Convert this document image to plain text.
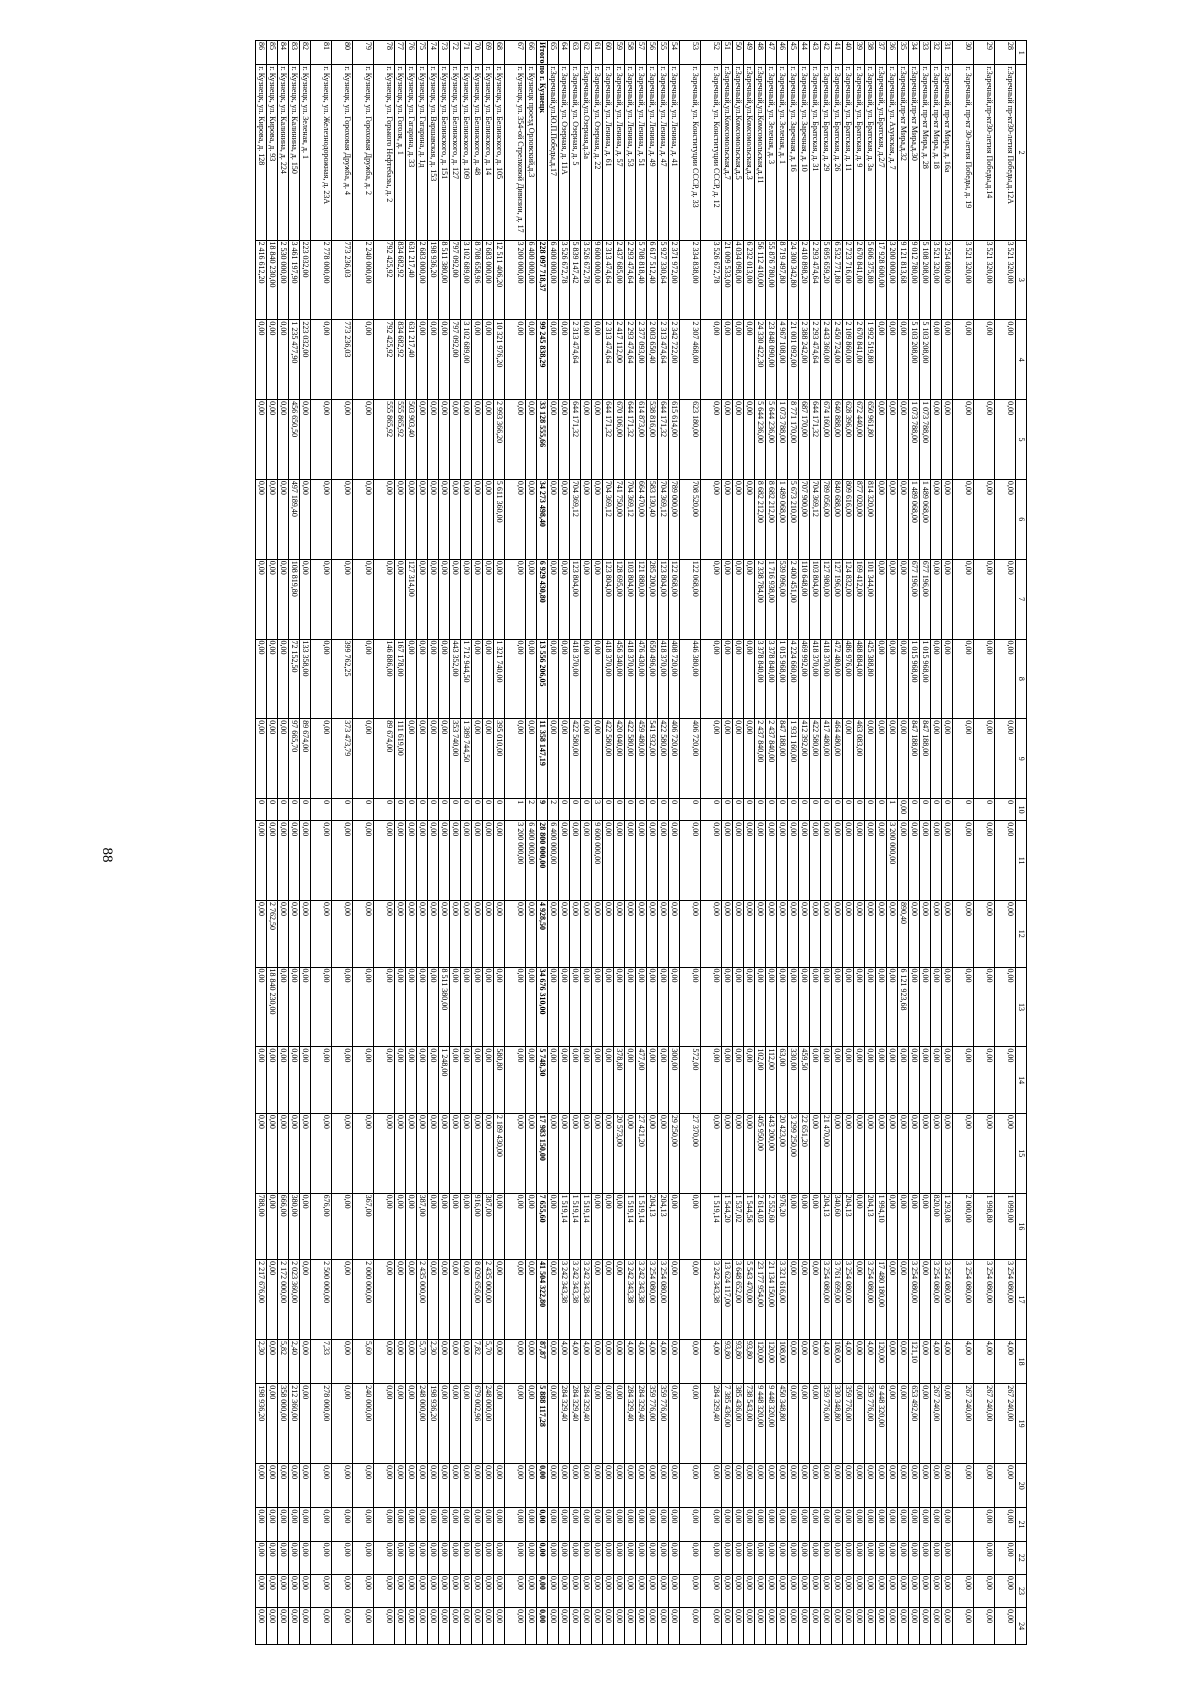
88
1	2	3	4	5	6	7	8	9	10	11	12	13	14	15	16	17	18	19	20	21	22	23	24
28	г.Заречный пр-кт30-летия Победы,д.12А	3 521 320,00	0,00	0,00	0,00	0,00	0,00	0,00	0	0,00	0,00	0,00	0,00	0,00	1 099,00	3 254 080,00	4,00	267 240,00	0,00	0,00	0,00	0,00	0,00
29	г.Заречный,пр-кт30-летия Победы,д.14	3 521 320,00	0,00	0,00	0,00	0,00	0,00	0,00	0	0,00	0,00	0,00	0,00	0,00	1 998,80	3 254 080,00	4,00	267 240,00	0,00	0,00	0,00	0,00	0,00
30	г. Заречный, пр-кт 30-летия Победы, д. 19	3 521 320,00	0,00	0,00	0,00	0,00	0,00	0,00	0	0,00	0,00	0,00	0,00	0,00	2 000,00	3 254 080,00	4,00	267 240,00	0,00			0,00	0,00
31	г. Заречный, пр-кт Мира, д. 16а	3 254 080,00	0,00	0,00	0,00	0,00	0,00	0,00	0	0,00	0,00	0,00	0,00	0,00	1 293,08	3 254 080,00	4,00	0,00	0,00	0,00	0,00	0,00	0,00
32	г. Заречный, пр-кт Мира, д. 18	3 521 320,00	0,00	0,00	0,00	0,00	0,00	0,00	0	0,00	0,00	0,00	0,00	0,00	820,00	3 254 080,00	4,00	267 240,00	0,00	0,00	0,00	0,00	0,00
33	г. Заречный, пр-кт Мира, д. 28	5 108 208,00	5 103 208,00	1 073 788,00	1 489 068,00	677 196,00	1 015 968,00	847 188,00	0	0,00	0,00	0,00	0,00	0,00	0,00	0,00	0,00	0,00	0,00	0,00	0,00	0,00	0,00
34	г.Заречный,пр-кт Мира,д.30	9 012 780,00	5 103 208,00	1 073 788,00	1 489 068,00	677 196,00	1 015 968,00	847 188,00	0	0,00	0,00	0,00	0,00	0,00	0,00	3 254 080,00	121,10	653 492,00	0,00	0,00	0,00	0,00	0,00
35	г.Заречный,пр-кт Мира,д.32	9 121 813,68	0,00	0,00	0,00	0,00	0,00	0,00	0,00	0,00	890,40	6 121 923,68	0,00	0,00	0,00	0,00	0,00	0,00	0,00	0,00	0,00	0,00	0,00
36	г. Заречный, ул. Ахунская, д. 7	3 200 000,00	0,00	0,00	0,00	0,00	0,00	0,00	1	3 200 000,00	0,00	0,00	0,00	0,00	0,00	0,00	0,00	0,00	0,00	0,00	0,00	0,00	0,00
37	г.Заречный, ул.Братская, д.2/7	17 928 600,00	0,00	0,00	0,00	0,00	0,00	0,00	0	0,00	0,00	0,00	0,00	0,00	1 994,10	17 480 180,00	120,00	9 448 320,00	0,00	0,00	0,00	0,00	0,00
38	г. Заречный, ул. Братская, д. 3а	5 606 375,80	1 992 519,80	650 961,80	814 320,00	101 344,00	425 388,80	0,00	0	0,00	0,00	0,00	0,00	0,00	204,13	3 254 080,00	4,00	359 776,00	0,00	0,00	0,00	0,00	0,00
39	г. Заречный, ул. Братская, д. 9	2 670 841,00	2 670 841,00	672 440,00	877 020,00	169 412,00	488 884,00	463 083,00	0	0,00	0,00	0,00	0,00	0,00	0,00	0,00	0,00	0,00	0,00	0,00	0,00	0,00	0,00
40	г. Заречный, ул. Братская, д. 11	2 723 716,00	2 109 860,00	628 396,00	809 616,00	124 832,00	486 976,00	0,00	0	0,00	0,00	0,00	0,00	0,00	204,13	3 254 080,00	4,00	359 776,00	0,00	0,00	0,00	0,00	0,00
41	г. Заречный, ул. Братская, д. 26	6 532 771,80	2 450 724,00	640 888,00	840 688,00	127 196,00	472 480,00	464 480,00	0	0,00	0,00	0,00	0,00	0,00	340,60	3 761 699,00	108,00	330 348,80	0,00	0,00	0,00	0,00	0,00
42	г. Заречный, ул. Братская, д. 29	5 695 659,20	2 443 360,00	674 160,00	789 056,00	127 980,00	418 370,00	417 480,00	0	0,00	0,00	0,00	0,00	21 470,00	204,13	3 254 080,00	4,00	359 776,00	0,00	0,00	0,00	0,00	0,00
43	г. Заречный, ул. Братская, д. 31	2 293 474,64	2 293 474,64	644 171,32	704 369,12	103 804,00	418 370,00	422 580,00	0	0,00	0,00	0,00	0,00	0,00	0,00	0,00	0,00	0,00	0,00	0,00	0,00	0,00	0,00
44	г. Заречный, ул. Заречная, д. 10	2 410 898,20	2 388 242,00	687 170,00	707 900,00	110 648,00	469 992,00	412 392,00	0	0,00	0,00	0,00	459,50	22 651,20	0,00	0,00	0,00	0,00	0,00	0,00	0,00	0,00	0,00
45	г. Заречный, ул. Заречная, д. 16	24 300 342,80	21 001 092,00	8 771 170,00	5 673 210,00	2 400 451,00	4 224 660,00	1 931 160,00	0	0,00	0,00	0,00	330,00	3 299 250,00	0,00	0,00	0,00	0,00	0,00	0,00	0,00	0,00	0,00
46	г. Заречный, ул. Зеленая, д. 1	8 719 497,80	4 967 108,00	1 073 788,00	1 489 068,00	539 096,00	1 015 968,00	847 188,00	0	0,00	0,00	0,00	63,00	20 423,00	976,20	3 321 616,00	108,00	450 348,80	0,00	0,00	0,00	0,00	0,00
47	г. Заречный, ул. Зеленая, д. 3	55 876 780,00	23 848 090,00	5 644 236,00	8 682 212,00	1 716 938,00	3 378 840,00	2 437 840,00	0	0,00	0,00	0,00	112,00	443 200,00	2 552,60	21 134 150,00	120,00	9 448 320,00	0,00	0,00	0,00	0,00	0,00
48	г.Заречный,ул.Комсомольская,д.11	56 112 410,00	24 330 422,30	5 644 236,00	8 682 212,00	2 338 784,00	3 378 840,00	2 437 840,00	0	0,00	0,00	0,00	102,00	405 950,00	2 614,03	23 177 954,00	120,00	9 448 320,00	0,00	0,00	0,00	0,00	0,00
49	г.Заречный,ул.Комсомольская,д.3	6 232 013,00	0,00	0,00	0,00	0,00	0,00	0,00	0	0,00	0,00	0,00	0,00	0,00	1 544,56	5 543 470,00	93,80	738 543,00	0,00	0,00	0,00	0,00	0,00
50	г.Заречный,ул.Комсомольская,д.5	4 034 098,00	0,00	0,00	0,00	0,00	0,00	0,00	0	0,00	0,00	0,00	0,00	0,00	1 537,02	3 648 652,00	93,80	385 436,00	0,00	0,00	0,00	0,00	0,00
51	г.Заречный,ул.Комсомольская,д.7	21 009 533,00	0,00	0,00	0,00	0,00	0,00	0,00	0	0,00	0,00	0,00	0,00	0,00	1 544,20	13 624 117,00	93,80	7 385 436,00	0,00	0,00	0,00	0,00	0,00
52	г. Заречный, ул. Конституции СССР, д. 12	3 526 672,78	0,00	0,00	0,00	0,00	0,00	0,00	0	0,00	0,00	0,00	0,00	0,00	1 519,14	3 242 343,38	4,00	284 329,40	0,00	0,00	0,00	0,00	0,00
53	г. Заречный, ул. Конституции СССР, д. 33	2 334 838,00	2 307 468,00	623 180,00	708 520,00	122 068,00	446 380,00	406 720,00	0	0,00	0,00	0,00	572,00	27 370,00	0,00	0,00	0,00	0,00	0,00	0,00	0,00	0,00	0,00
54	г. Заречный, ул. Ленина, д. 41	2 371 972,00	2 342 722,00	615 614,00	789 000,00	122 068,00	408 720,00	406 720,00	0	0,00	0,00	0,00	300,00	29 250,00	0,00	0,00	0,00	0,00	0,00	0,00	0,00	0,00	0,00
55	г. Заречный, ул. Ленина, д. 47	5 927 330,64	2 313 474,64	644 171,32	704 369,12	123 804,00	418 370,00	422 580,00	0	0,00	0,00	0,00	0,00	0,00	204,13	3 254 080,00	4,00	359 776,00	0,00	0,00	0,00	0,00	0,00
56	г. Заречный, ул. Ленина, д. 49	6 617 512,40	2 003 650,40	538 816,00	583 130,40	285 200,00	650 496,00	541 932,00	0	0,00	0,00	0,00	0,00	0,00	204,13	3 254 080,00	4,00	359 776,00	0,00	0,00	0,00	0,00	0,00
57	г. Заречный, ул. Ленина, д. 51	5 708 818,40	2 377 093,00	614 873,00	664 470,00	121 880,00	476 430,00	459 480,00	0	0,00	0,00	0,00	477,00	27 421,20	1 519,14	3 242 343,38	4,00	284 329,40	0,00	0,00	0,00	0,00	0,00
58	г. Заречный, ул. Ленина, д. 53	2 293 474,64	2 293 474,64	644 171,32	704 369,12	103 804,00	418 370,00	422 580,00	0	0,00	0,00	0,00	0,00	0,00	1 519,14	3 242 343,38	4,00	284 329,40	0,00	0,00	0,00	0,00	0,00
59	г. Заречный, ул. Ленина, д. 57	2 437 685,00	2 417 112,00	670 106,00	741 750,00	128 695,00	456 340,00	420 040,00	0	0,00	0,00	0,00	378,80	20 573,00	0,00	0,00	0,00	0,00	0,00	0,00	0,00	0,00	0,00
60	г. Заречный, ул. Ленина, д. 61	2 313 474,64	2 313 474,64	644 171,32	704 369,12	123 804,00	418 370,00	422 580,00	0	0,00	0,00	0,00	0,00	0,00	0,00	0,00	0,00	0,00	0,00	0,00	0,00	0,00	0,00
61	г. Заречный, ул. Озерная, д. 22	9 600 000,00	0,00	0,00	0,00	0,00	0,00	0,00	3	9 600 000,00	0,00	0,00	0,00	0,00	0,00	0,00	0,00	0,00	0,00	0,00	0,00	0,00	0,00
62	г.Заречный,ул.Озерная,д.3а	3 526 672,78	0,00	0,00	0,00	0,00	0,00	0,00	0	0,00	0,00	0,00	0,00	0,00	1 519,14	3 242 343,38	4,00	284 329,40	0,00	0,00	0,00	0,00	0,00
63	г. Заречный, ул. Озерная, д. 5	5 839 147,42	2 313 474,64	644 171,32	704 369,12	123 804,00	418 370,00	422 580,00	0	0,00	0,00	0,00	0,00	0,00	1 519,14	3 242 343,38	4,00	284 329,40	0,00	0,00	0,00	0,00	0,00
64	г. Заречный, ул. Озерная, д. 11А	3 526 672,78	0,00	0,00	0,00	0,00	0,00	0,00	0	0,00	0,00	0,00	0,00	0,00	1 519,14	3 242 343,38	4,00	284 329,40	0,00	0,00	0,00	0,00	0,00
65	г.Заречный,ул.Ю.П.Победы,д.17	6 400 000,00	0,00	0,00	0,00	0,00	0,00	0,00	2	6 400 000,00	0,00	0,00	0,00	0,00	0,00	0,00	0,00	0,00	0,00	0,00	0,00	0,00	0,00
Итого по г. Кузнецк		228 097 718,37	99 245 838,29	33 128 555,66	34 273 498,40	6 929 430,80	13 556 206,05	11 358 147,19	9	28 800 000,00	4 928,50	34 676 310,00	5 748,30	17 983 150,00	7 655,60	41 504 322,80	87,87	5 888 117,28	0,00	0,00	0,00	0,00	0,00
66	г. Кузнецк проезд Орловский,д.3	6 400 000,00	0,00	0,00	0,00	0,00	0,00	0,00	2	6 400 000,00	0,00	0,00	0,00	0,00	0,00	0,00	0,00	0,00	0,00	0,00	0,00	0,00	0,00
67	г. Кузнецк, ул. 354-ой Стрелковой Дивизии, д. 17	3 200 000,00	0,00	0,00	0,00	0,00	0,00	0,00	1	3 200 000,00	0,00	0,00	0,00	0,00	0,00	0,00	0,00	0,00	0,00	0,00	0,00	0,00	0,00
68	г. Кузнецк, ул. Белинского, д. 105	12 511 406,20	10 321 976,20	2 993 366,20	5 611 360,00	0,00	1 321 740,00	395 010,00	0	0,00	0,00	0,00	580,80	2 189 430,00	0,00	0,00	0,00	0,00	0,00	0,00	0,00	0,00	0,00
69	г. Кузнецк, ул. Белинского, д. 14	2 683 000,00	0,00	0,00	0,00	0,00	0,00	0,00	0	0,00	0,00	0,00	0,00	0,00	387,00	2 435 000,00	5,70	248 000,00	0,00	0,00	0,00	0,00	0,00
70	г. Кузнецк, ул. Белинского, д. 48	8 708 658,96	0,00	0,00	0,00	0,00	0,00	0,00	0	0,00	0,00	0,00	0,00	0,00	916,00	8 029 656,00	7,82	679 002,96	0,00	0,00	0,00	0,00	0,00
71	г. Кузнецк, ул. Белинского, д. 109	3 102 689,00	3 102 689,00	0,00	0,00	0,00	1 712 944,50	1 389 744,50	0	0,00	0,00	0,00	0,00	0,00	0,00	0,00	0,00	0,00	0,00	0,00	0,00	0,00	0,00
72	г. Кузнецк, ул. Белинского, д. 127	797 092,00	797 092,00	0,00	0,00	0,00	443 352,00	353 740,00	0	0,00	0,00	0,00	0,00	0,00	0,00	0,00	0,00	0,00	0,00	0,00	0,00	0,00	0,00
73	г. Кузнецк, ул. Белинского, д. 151	8 511 380,00	0,00	0,00	0,00	0,00	0,00	0,00	0	0,00	0,00	8 511 380,00	1 248,00	0,00	0,00	0,00	0,00	0,00	0,00	0,00	0,00	0,00	0,00
74	г. Кузнецк, ул. Варшавская, д. 153	198 936,20	0,00	0,00	0,00	0,00	0,00	0,00	0	0,00	0,00	0,00	0,00	0,00	0,00	0,00	2,30	198 936,20	0,00	0,00	0,00	0,00	0,00
75	г. Кузнецк, ул. Гагарина, д. 1д	2 683 000,00	0,00	0,00	0,00	0,00	0,00	0,00	0	0,00	0,00	0,00	0,00	0,00	387,00	2 435 000,00	5,70	248 000,00	0,00	0,00	0,00	0,00	0,00
76	г. Кузнецк, ул. Гагарина, д. 33	631 217,40	631 217,40	503 903,40	0,00	127 314,00	0,00	0,00	0	0,00	0,00	0,00	0,00	0,00	0,00	0,00	0,00	0,00	0,00	0,00	0,00	0,00	0,00
77	г. Кузнецк, ул. Гоголя, д. 1	834 682,92	834 682,92	555 865,92	0,00	0,00	167 178,00	111 619,00	0	0,00	0,00	0,00	0,00	0,00	0,00	0,00	0,00	0,00	0,00	0,00	0,00	0,00	0,00
78	г. Кузнецк, ул. Горького Нефтебазы, д. 2	792 425,92	792 425,92	555 865,92	0,00	0,00	146 886,00	89 674,00	0	0,00	0,00	0,00	0,00	0,00	0,00	0,00	0,00	0,00	0,00	0,00	0,00	0,00	0,00
79	г. Кузнецк, ул. Гороховая Дружба, д. 2	2 240 000,00	0,00	0,00	0,00	0,00	0,00	0,00	0	0,00	0,00	0,00	0,00	0,00	367,00	2 000 000,00	5,60	240 000,00	0,00	0,00	0,00	0,00	0,00
80	г. Кузнецк, ул. Гороховая Дружба, д. 4	773 236,03	773 236,03	0,00	0,00	0,00	399 762,25	373 473,79	0	0,00	0,00	0,00	0,00	0,00	0,00	0,00	0,00	0,00	0,00	0,00	0,00	0,00	0,00
81	г. Кузнецк, ул. Железнодорожная, д. 23А	2 778 000,00	0,00	0,00	0,00	0,00	0,00	0,00	0	0,00	0,00	0,00	0,00	0,00	676,00	2 500 000,00	7,33	278 000,00	0,00	0,00	0,00	0,00	0,00
82	г. Кузнецк, ул. Зеленая, д. 1	223 032,00	223 032,00	0,00	0,00	0,00	133 358,00	89 674,00	0	0,00	0,00	0,00	0,00	0,00	0,00	0,00	0,00	0,00	0,00	0,00	0,00	0,00	0,00
83	г. Кузнецк, ул. Калинина, д. 150	3 461 197,90	1 235 477,90	456 650,50	497 189,40	108 819,80	72 152,50	97 665,70	0	0,00	0,00	0,00	0,00	0,00	380,00	2 023 360,00	2,40	212 360,00	0,00	0,00	0,00	0,00	0,00
84	г. Кузнецк, ул. Калинина, д. 224	2 530 000,00	0,00	0,00	0,00	0,00	0,00	0,00	0	0,00	0,00	0,00	0,00	0,00	666,00	2 172 000,00	5,82	358 000,00	0,00	0,00	0,00	0,00	0,00
85	г. Кузнецк, ул. Кирова, д. 93	18 840 230,00	0,00	0,00	0,00	0,00	0,00	0,00	0	0,00	2 762,50	18 840 230,00	0,00	0,00	0,00	0,00	0,00	0,00	0,00	0,00	0,00	0,00	0,00
86	г. Кузнецк, ул. Кирова, д. 128	2 416 612,20	0,00	0,00	0,00	0,00	0,00	0,00	0	0,00	0,00	0,00	0,00	0,00	788,00	2 217 676,00	2,30	198 936,20	0,00	0,00	0,00	0,00	0,00
